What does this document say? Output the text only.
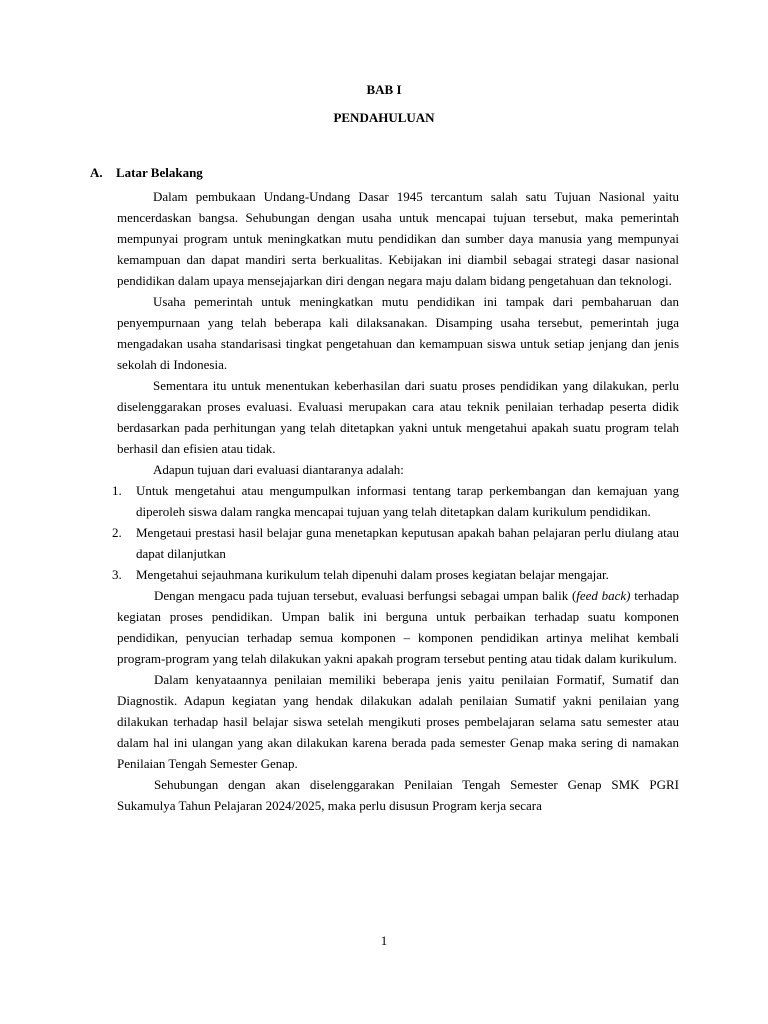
BAB I
PENDAHULUAN
A. Latar Belakang

Dalam pembukaan Undang-Undang Dasar 1945 tercantum salah satu Tujuan Nasional yaitu mencerdaskan bangsa. Sehubungan dengan usaha untuk mencapai tujuan tersebut, maka pemerintah mempunyai program untuk meningkatkan mutu pendidikan dan sumber daya manusia yang mempunyai kemampuan dan dapat mandiri serta berkualitas. Kebijakan ini diambil sebagai strategi dasar nasional pendidikan dalam upaya mensejajarkan diri dengan negara maju dalam bidang pengetahuan dan teknologi.

Usaha pemerintah untuk meningkatkan mutu pendidikan ini tampak dari pembaharuan dan penyempurnaan yang telah beberapa kali dilaksanakan. Disamping usaha tersebut, pemerintah juga mengadakan usaha standarisasi tingkat pengetahuan dan kemampuan siswa untuk setiap jenjang dan jenis sekolah di Indonesia.

Sementara itu untuk menentukan keberhasilan dari suatu proses pendidikan yang dilakukan, perlu diselenggarakan proses evaluasi. Evaluasi merupakan cara atau teknik penilaian terhadap peserta didik berdasarkan pada perhitungan yang telah ditetapkan yakni untuk mengetahui apakah suatu program telah berhasil dan efisien atau tidak.

Adapun tujuan dari evaluasi diantaranya adalah:

1. Untuk mengetahui atau mengumpulkan informasi tentang tarap perkembangan dan kemajuan yang diperoleh siswa dalam rangka mencapai tujuan yang telah ditetapkan dalam kurikulum pendidikan.
2. Mengetaui prestasi hasil belajar guna menetapkan keputusan apakah bahan pelajaran perlu diulang atau dapat dilanjutkan
3. Mengetahui sejauhmana kurikulum telah dipenuhi dalam proses kegiatan belajar mengajar.

Dengan mengacu pada tujuan tersebut, evaluasi berfungsi sebagai umpan balik (feed back) terhadap kegiatan proses pendidikan. Umpan balik ini berguna untuk perbaikan terhadap suatu komponen pendidikan, penyucian terhadap semua komponen – komponen pendidikan artinya melihat kembali program-program yang telah dilakukan yakni apakah program tersebut penting atau tidak dalam kurikulum.

Dalam kenyataannya penilaian memiliki beberapa jenis yaitu penilaian Formatif, Sumatif dan Diagnostik. Adapun kegiatan yang hendak dilakukan adalah penilaian Sumatif yakni penilaian yang dilakukan terhadap hasil belajar siswa setelah mengikuti proses pembelajaran selama satu semester atau dalam hal ini ulangan yang akan dilakukan karena berada pada semester Genap maka sering di namakan Penilaian Tengah Semester Genap.

Sehubungan dengan akan diselenggarakan Penilaian Tengah Semester Genap SMK PGRI Sukamulya Tahun Pelajaran 2024/2025, maka perlu disusun Program kerja secara

1
